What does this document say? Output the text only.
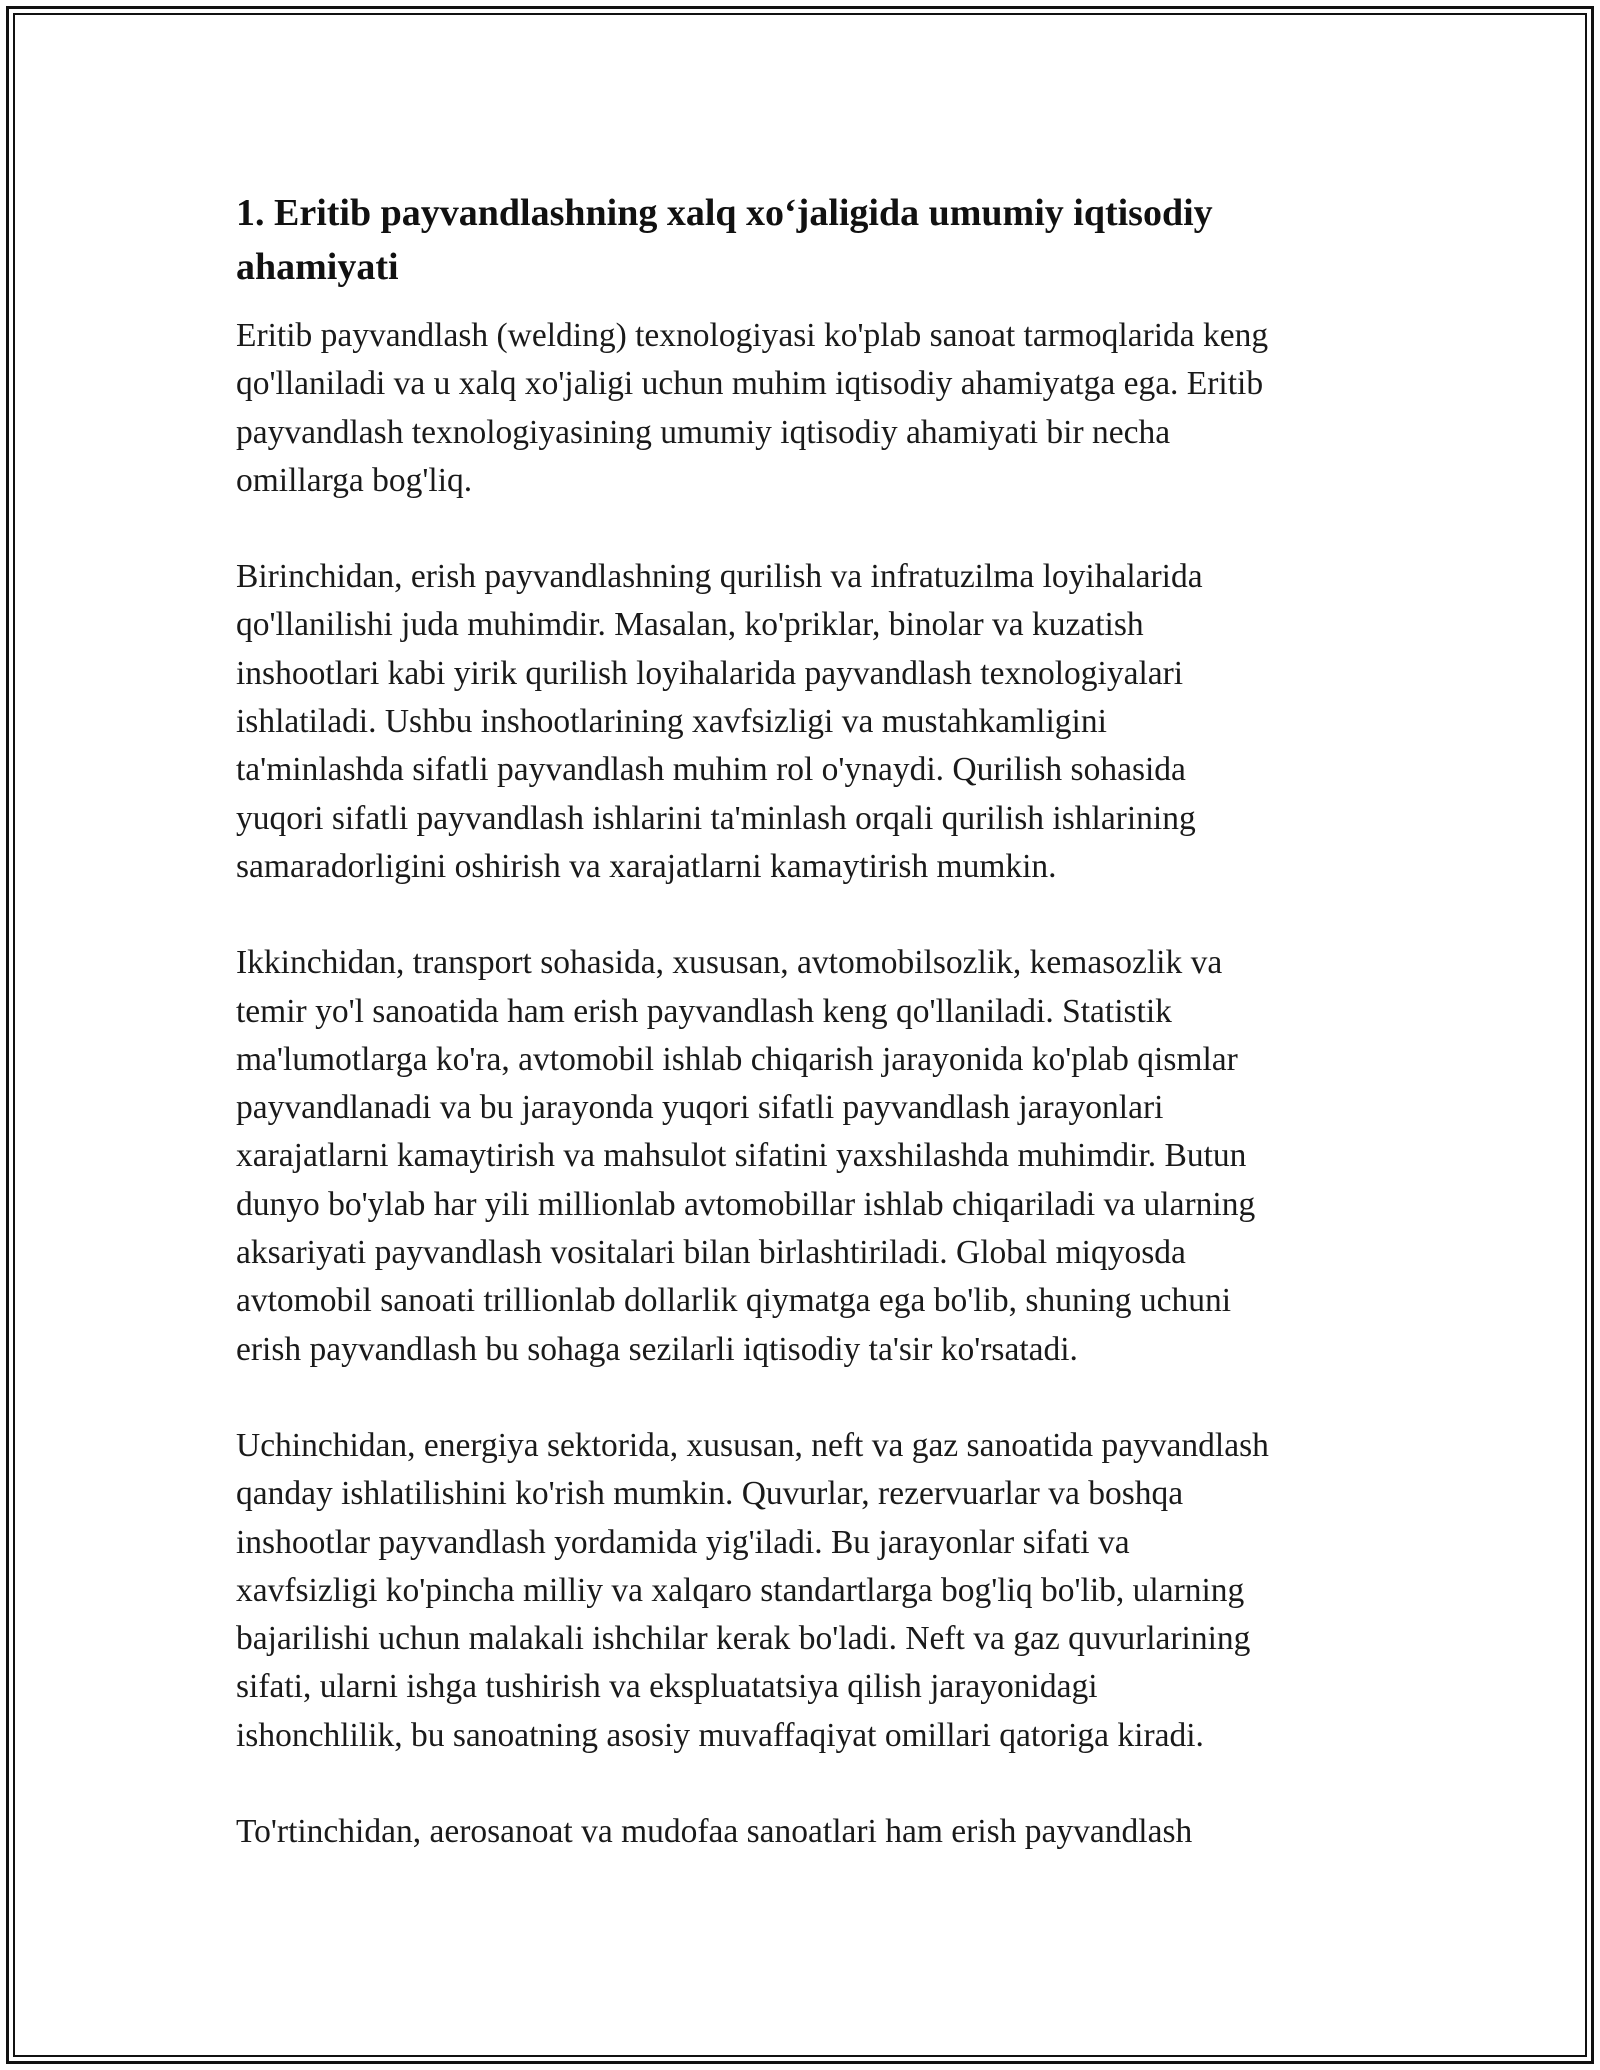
1. Eritib payvandlashning xalq xo‘jaligida umumiy iqtisodiy ahamiyati

Eritib payvandlash (welding) texnologiyasi ko'plab sanoat tarmoqlarida keng
qo'llaniladi va u xalq xo'jaligi uchun muhim iqtisodiy ahamiyatga ega. Eritib
payvandlash texnologiyasining umumiy iqtisodiy ahamiyati bir necha
omillarga bog'liq.

Birinchidan, erish payvandlashning qurilish va infratuzilma loyihalarida
qo'llanilishi juda muhimdir. Masalan, ko'priklar, binolar va kuzatish
inshootlari kabi yirik qurilish loyihalarida payvandlash texnologiyalari
ishlatiladi. Ushbu inshootlarining xavfsizligi va mustahkamligini
ta'minlashda sifatli payvandlash muhim rol o'ynaydi. Qurilish sohasida
yuqori sifatli payvandlash ishlarini ta'minlash orqali qurilish ishlarining
samaradorligini oshirish va xarajatlarni kamaytirish mumkin.

Ikkinchidan, transport sohasida, xususan, avtomobilsozlik, kemasozlik va
temir yo'l sanoatida ham erish payvandlash keng qo'llaniladi. Statistik
ma'lumotlarga ko'ra, avtomobil ishlab chiqarish jarayonida ko'plab qismlar
payvandlanadi va bu jarayonda yuqori sifatli payvandlash jarayonlari
xarajatlarni kamaytirish va mahsulot sifatini yaxshilashda muhimdir. Butun
dunyo bo'ylab har yili millionlab avtomobillar ishlab chiqariladi va ularning
aksariyati payvandlash vositalari bilan birlashtiriladi. Global miqyosda
avtomobil sanoati trillionlab dollarlik qiymatga ega bo'lib, shuning uchuni
erish payvandlash bu sohaga sezilarli iqtisodiy ta'sir ko'rsatadi.

Uchinchidan, energiya sektorida, xususan, neft va gaz sanoatida payvandlash
qanday ishlatilishini ko'rish mumkin. Quvurlar, rezervuarlar va boshqa
inshootlar payvandlash yordamida yig'iladi. Bu jarayonlar sifati va
xavfsizligi ko'pincha milliy va xalqaro standartlarga bog'liq bo'lib, ularning
bajarilishi uchun malakali ishchilar kerak bo'ladi. Neft va gaz quvurlarining
sifati, ularni ishga tushirish va ekspluatatsiya qilish jarayonidagi
ishonchlilik, bu sanoatning asosiy muvaffaqiyat omillari qatoriga kiradi.

To'rtinchidan, aerosanoat va mudofaa sanoatlari ham erish payvandlash
